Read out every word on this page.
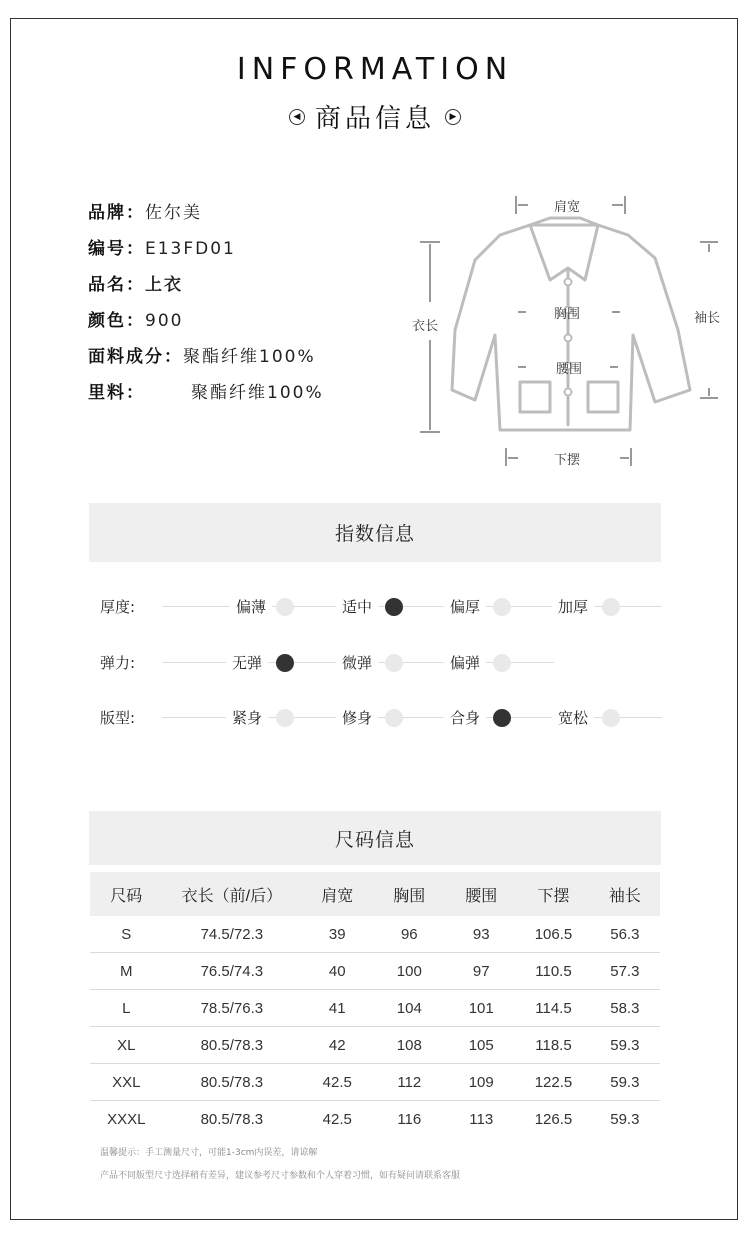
INFORMATION
◀ 商品信息 ▶
品牌：佐尔美
编号：E13FD01
品名：上衣
颜色：900
面料成分：聚酯纤维100%
里料：	聚酯纤维100%
肩宽
胸围
腰围
下摆
衣长
袖长
指数信息
厚度:	偏薄	适中	偏厚	加厚
弹力:	无弹	微弹	偏弹
版型:	紧身	修身	合身	宽松
尺码信息
尺码	衣长（前/后）	肩宽	胸围	腰围	下摆	袖长
S	74.5/72.3	39	96	93	106.5	56.3
M	76.5/74.3	40	100	97	110.5	57.3
L	78.5/76.3	41	104	101	114.5	58.3
XL	80.5/78.3	42	108	105	118.5	59.3
XXL	80.5/78.3	42.5	112	109	122.5	59.3
XXXL	80.5/78.3	42.5	116	113	126.5	59.3
温馨提示：手工测量尺寸，可能1-3cm内误差，请谅解
产品不同版型尺寸选择稍有差异，建议参考尺寸参数和个人穿着习惯，如有疑问请联系客服
